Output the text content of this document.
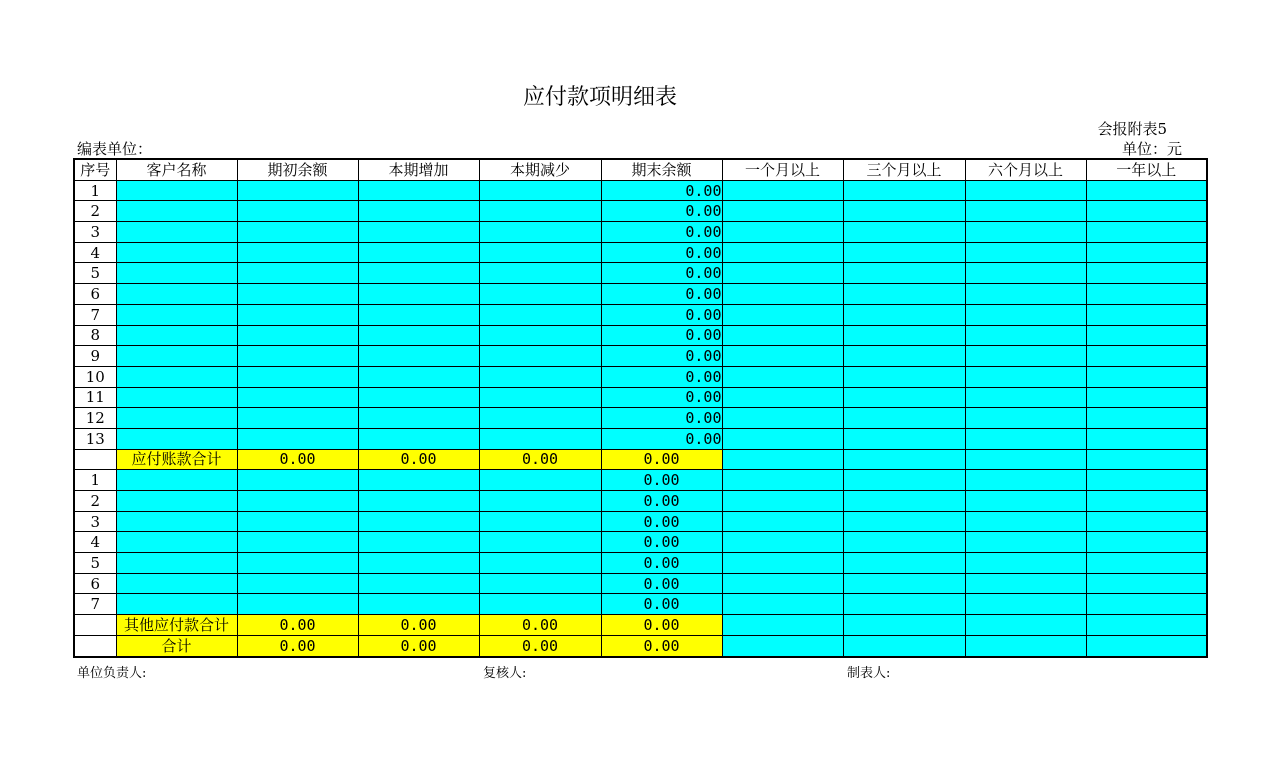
应付款项明细表
会报附表5
编表单位：	单位：元
序号	客户名称	期初余额	本期增加	本期减少	期末余额	一个月以上	三个月以上	六个月以上	一年以上
1					0.00				
2					0.00				
3					0.00				
4					0.00				
5					0.00				
6					0.00				
7					0.00				
8					0.00				
9					0.00				
10					0.00				
11					0.00				
12					0.00				
13					0.00				
	应付账款合计	0.00	0.00	0.00	0.00				
1					0.00				
2					0.00				
3					0.00				
4					0.00				
5					0.00				
6					0.00				
7					0.00				
	其他应付款合计	0.00	0.00	0.00	0.00				
	合计	0.00	0.00	0.00	0.00				
单位负责人:	复核人:	制表人:
